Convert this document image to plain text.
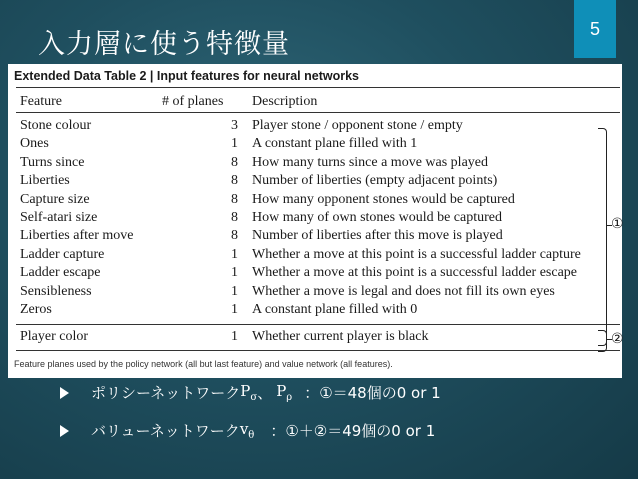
入力層に使う特徴量
5
Extended Data Table 2 | Input features for neural networks
Feature	# of planes Description
Stone colour	3 Player stone / opponent stone / empty
Ones	1 A constant plane filled with 1
Turns since	8 How many turns since a move was played
Liberties	8 Number of liberties (empty adjacent points)
Capture size	8 How many opponent stones would be captured
Self-atari size	8 How many of own stones would be captured
Liberties after move	8 Number of liberties after this move is played
Ladder capture	1 Whether a move at this point is a successful ladder capture
Ladder escape	1 Whether a move at this point is a successful ladder escape
Sensibleness	1 Whether a move is legal and does not fill its own eyes
Zeros	1 A constant plane filled with 0
Player color	1 Whether current player is black
Feature planes used by the policy network (all but last feature) and value network (all features).
①
②
ポリシーネットワーク $P_\sigma$ 、 $P_\rho$ ：①＝48個の0 or 1
バリューネットワーク $v_\theta$ ：①＋②＝49個の0 or 1
